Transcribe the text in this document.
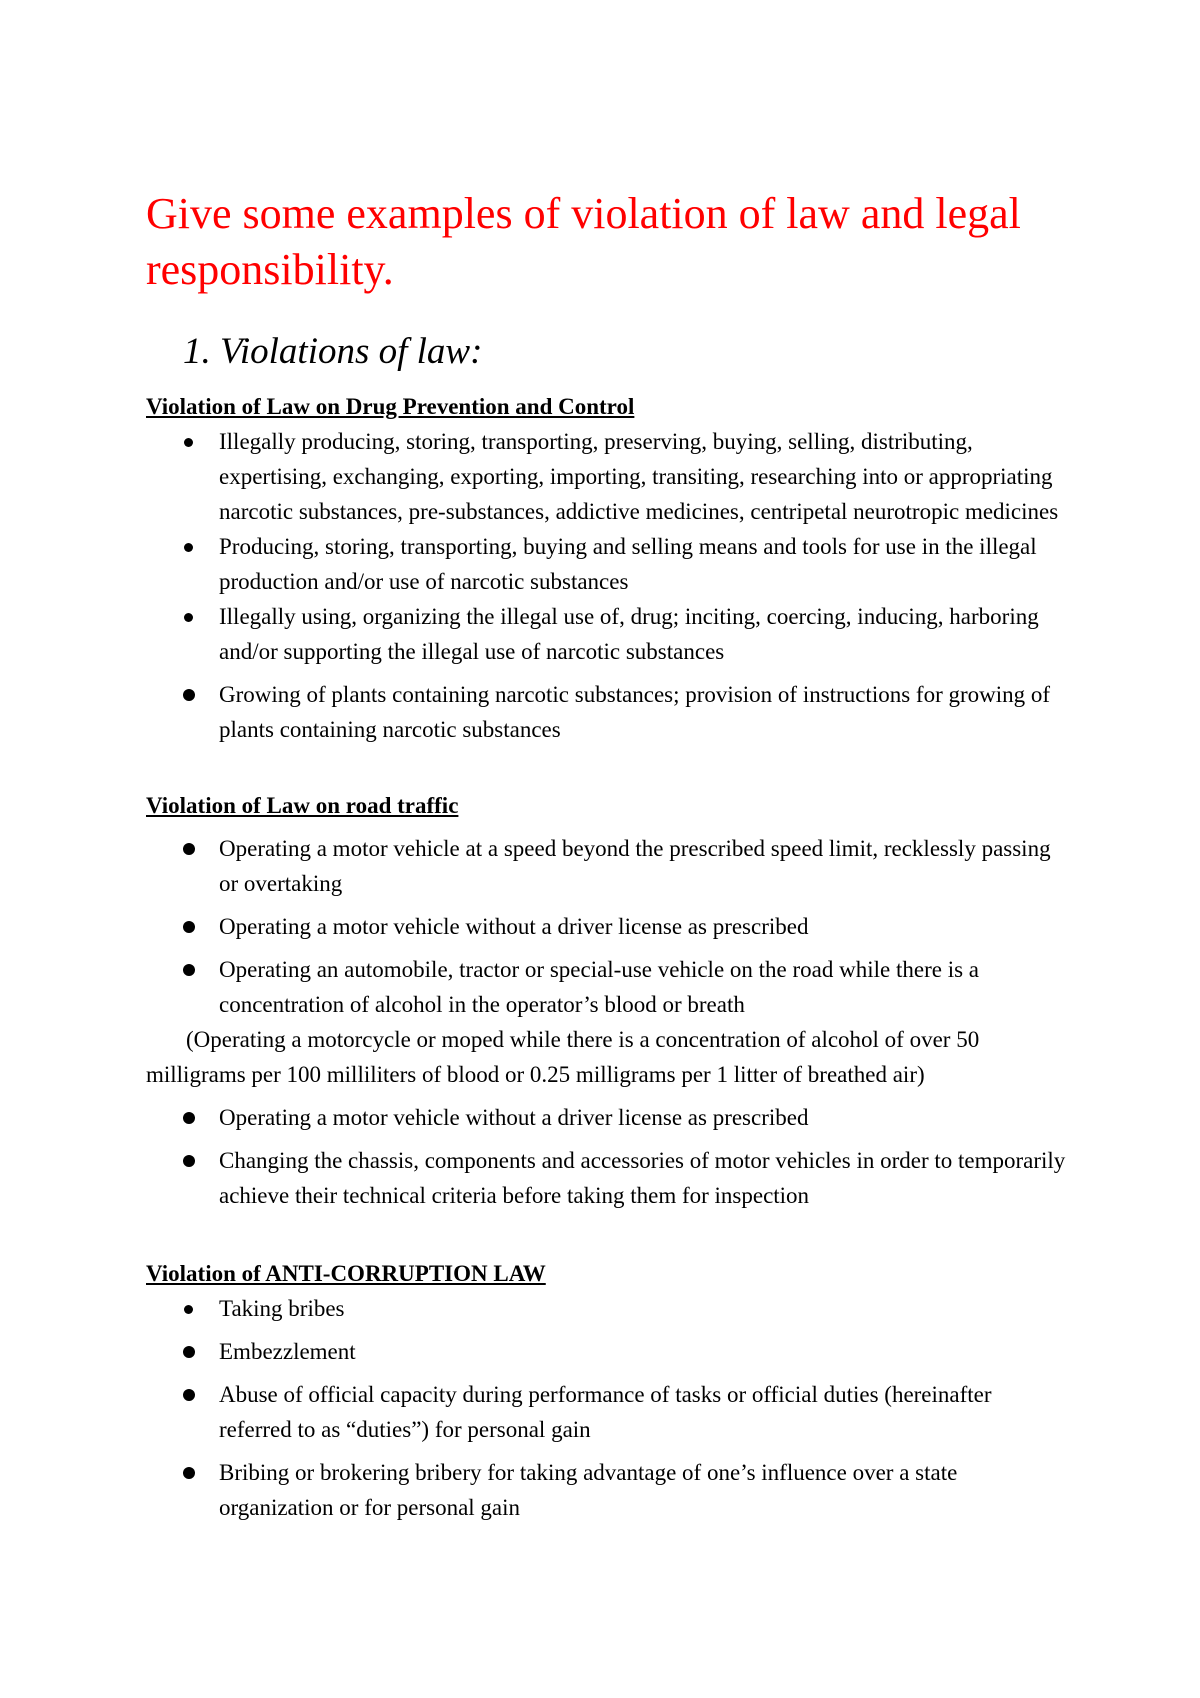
Give some examples of violation of law and legal responsibility.
1. Violations of law:

Violation of Law on Drug Prevention and Control

Illegally producing, storing, transporting, preserving, buying, selling, distributing, expertising, exchanging, exporting, importing, transiting, researching into or appropriating narcotic substances, pre-substances, addictive medicines, centripetal neurotropic medicines
Producing, storing, transporting, buying and selling means and tools for use in the illegal production and/or use of narcotic substances
Illegally using, organizing the illegal use of, drug; inciting, coercing, inducing, harboring and/or supporting the illegal use of narcotic substances
Growing of plants containing narcotic substances; provision of instructions for growing of plants containing narcotic substances

Violation of Law on road traffic

Operating a motor vehicle at a speed beyond the prescribed speed limit, recklessly passing or overtaking
Operating a motor vehicle without a driver license as prescribed
Operating an automobile, tractor or special-use vehicle on the road while there is a concentration of alcohol in the operator’s blood or breath

(Operating a motorcycle or moped while there is a concentration of alcohol of over 50 milligrams per 100 milliliters of blood or 0.25 milligrams per 1 litter of breathed air)

Operating a motor vehicle without a driver license as prescribed
Changing the chassis, components and accessories of motor vehicles in order to temporarily achieve their technical criteria before taking them for inspection

Violation of ANTI-CORRUPTION LAW

Taking bribes
Embezzlement
Abuse of official capacity during performance of tasks or official duties (hereinafter referred to as “duties”) for personal gain
Bribing or brokering bribery for taking advantage of one’s influence over a state organization or for personal gain
